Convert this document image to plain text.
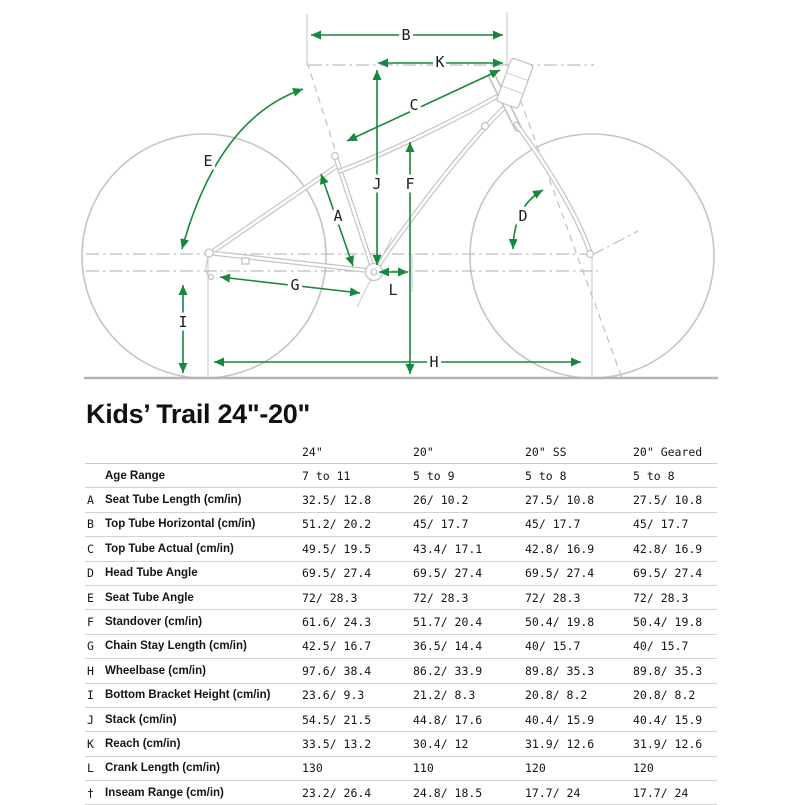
B
K
C
E
A
J F
D
G	L
I
H
Kids’ Trail 24"-20"
24"	20"	20" SS	20" Geared
Age Range	7 to 11	5 to 9	5 to 8	5 to 8
A Seat Tube Length (cm/in)	32.5/ 12.8	26/ 10.2	27.5/ 10.8	27.5/ 10.8
B Top Tube Horizontal (cm/in)	51.2/ 20.2	45/ 17.7	45/ 17.7	45/ 17.7
C Top Tube Actual (cm/in)	49.5/ 19.5	43.4/ 17.1	42.8/ 16.9	42.8/ 16.9
D Head Tube Angle	69.5/ 27.4	69.5/ 27.4	69.5/ 27.4	69.5/ 27.4
E Seat Tube Angle	72/ 28.3	72/ 28.3	72/ 28.3	72/ 28.3
F Standover (cm/in)	61.6/ 24.3	51.7/ 20.4	50.4/ 19.8	50.4/ 19.8
G Chain Stay Length (cm/in)	42.5/ 16.7	36.5/ 14.4	40/ 15.7	40/ 15.7
H Wheelbase (cm/in)	97.6/ 38.4	86.2/ 33.9	89.8/ 35.3	89.8/ 35.3
I Bottom Bracket Height (cm/in)	23.6/ 9.3	21.2/ 8.3	20.8/ 8.2	20.8/ 8.2
J Stack (cm/in)	54.5/ 21.5	44.8/ 17.6	40.4/ 15.9	40.4/ 15.9
K Reach (cm/in)	33.5/ 13.2	30.4/ 12	31.9/ 12.6	31.9/ 12.6
L Crank Length (cm/in)	130	110	120	120
† Inseam Range (cm/in)	23.2/ 26.4	24.8/ 18.5	17.7/ 24	17.7/ 24
